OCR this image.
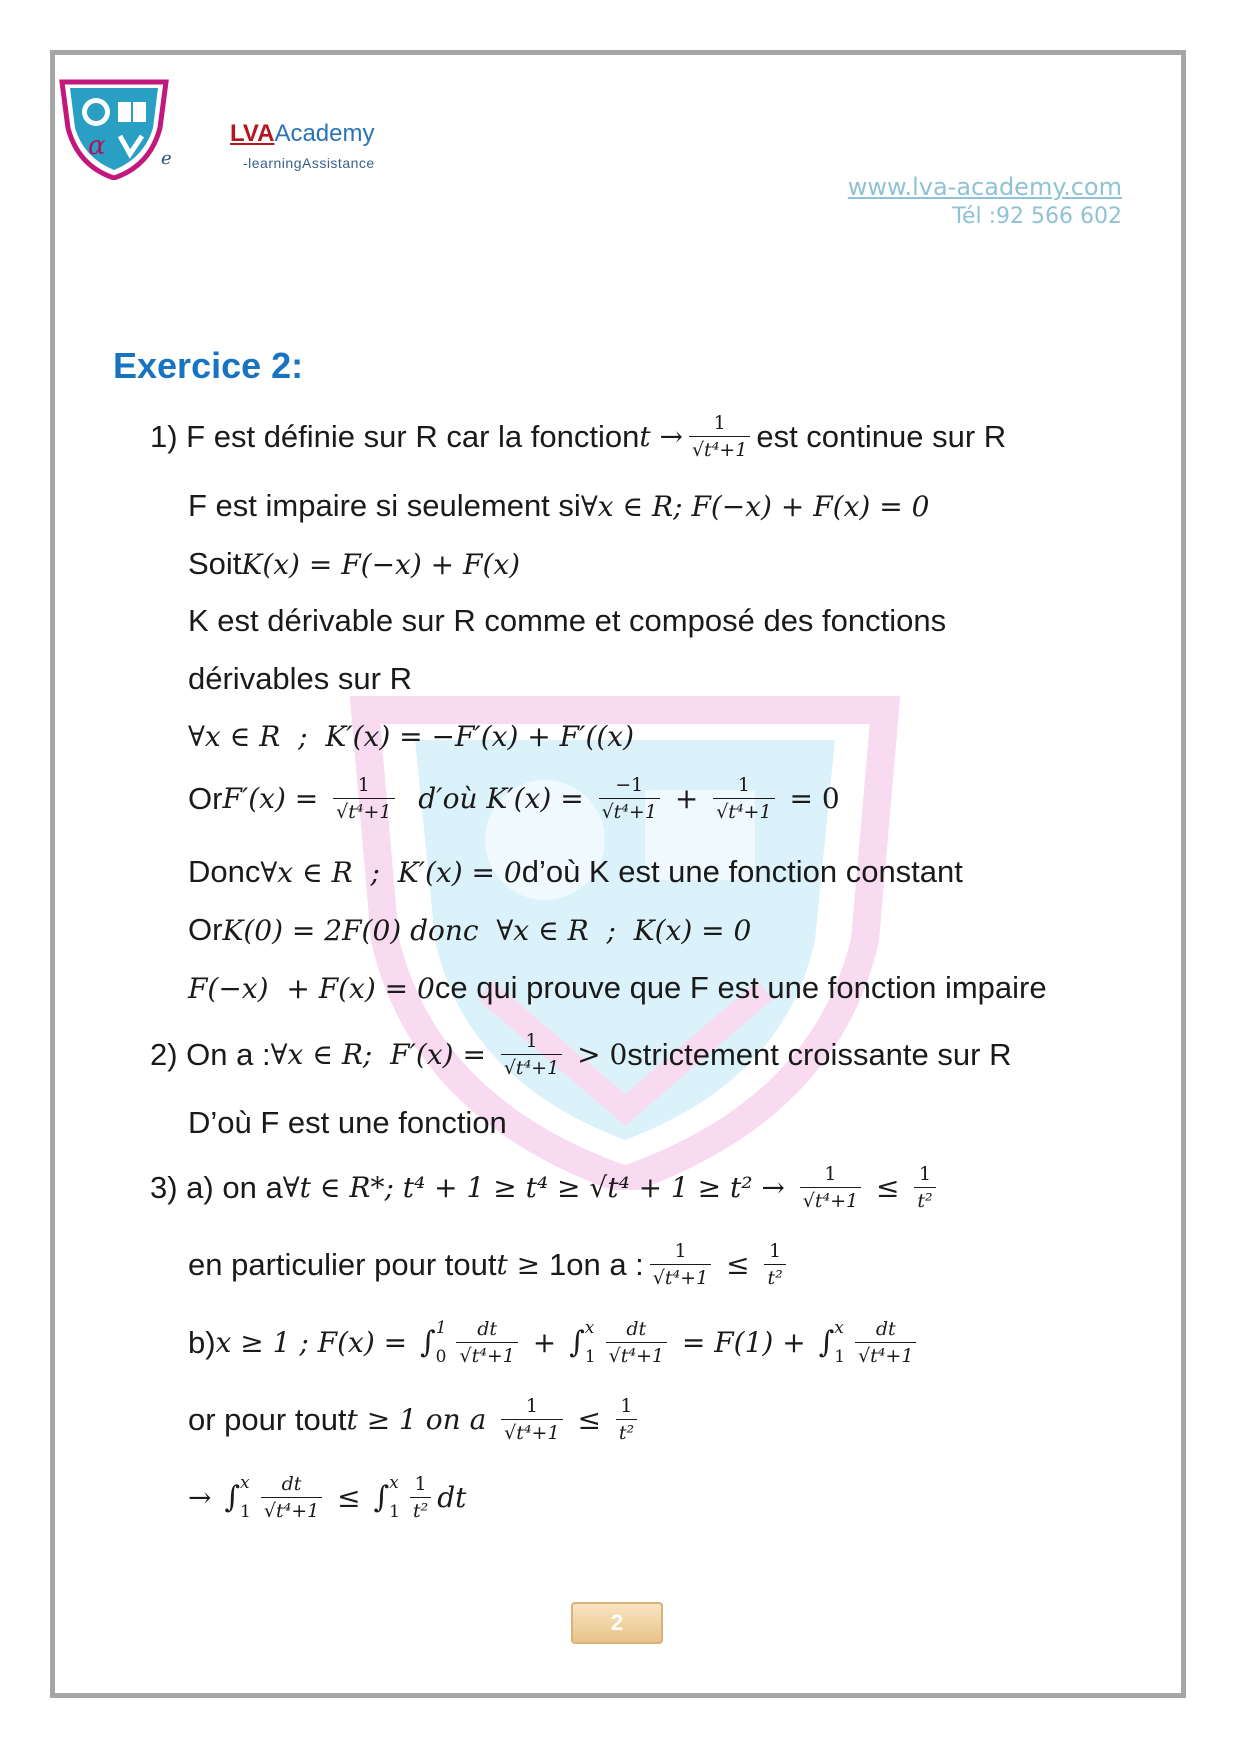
α	e
LVAAcademy
-learningAssistance
www.lva-academy.com
Tél :92 566 602
Exercice 2:
1) F est définie sur R car la fonction $t \to \frac{1}{\text{√t⁴+1}}$ est continue sur R
F est impaire si seulement si ∀x ∈ R; F(−x) + F(x) = 0
Soit K(x) = F(−x) + F(x)
K est dérivable sur R comme et composé des fonctions
dérivables sur R
∀x ∈ R  ;  K′(x) = −F′(x) + F′((x)
Or $F'(x) = \frac{1}{\text{√t⁴+1}}$ d′où $K'(x) = \frac{-1}{\text{√t⁴+1}} + \frac{1}{\text{√t⁴+1}} = 0$
Donc ∀x ∈ R  ;  K′(x) = 0 d’où K est une fonction constant
Or K(0) = 2F(0) donc  ∀x ∈ R  ;  K(x) = 0
F(−x)  + F(x) = 0 ce qui prouve que F est une fonction impaire
2) On a : ∀x ∈ R;  $F'(x) = \frac{1}{\text{√t⁴+1}} > 0$ strictement croissante sur R
D’où F est une fonction
3) a) on a ∀t ∈ R*; $t^4 + 1 \ge t^4 \ge √t^4 + 1 \ge t^2 \to \frac{1}{\text{√t⁴+1}} \le \frac{1}{\text{t²}}$
en particulier pour tout t ≥ 1 on a : $\frac{1}{\text{√t⁴+1}} \le \frac{1}{\text{t²}}$
b) x ≥ 1 ; F(x) = ∫ 1
$0 \frac{dt}{\text{√t⁴+1}}$ + ∫ x
$1 \frac{dt}{\text{√t⁴+1}} = F(1)$ + ∫ x
$1 \frac{dt}{\text{√t⁴+1}}$
or pour tout t ≥ 1 on a $\frac{1}{\text{√t⁴+1}} \le \frac{1}{\text{t²}}$
→ ∫ x
$1 \frac{dt}{\text{√t⁴+1}}$ ≤ ∫ x
$1 \frac{1}{\text{t²}}$ dt
2
